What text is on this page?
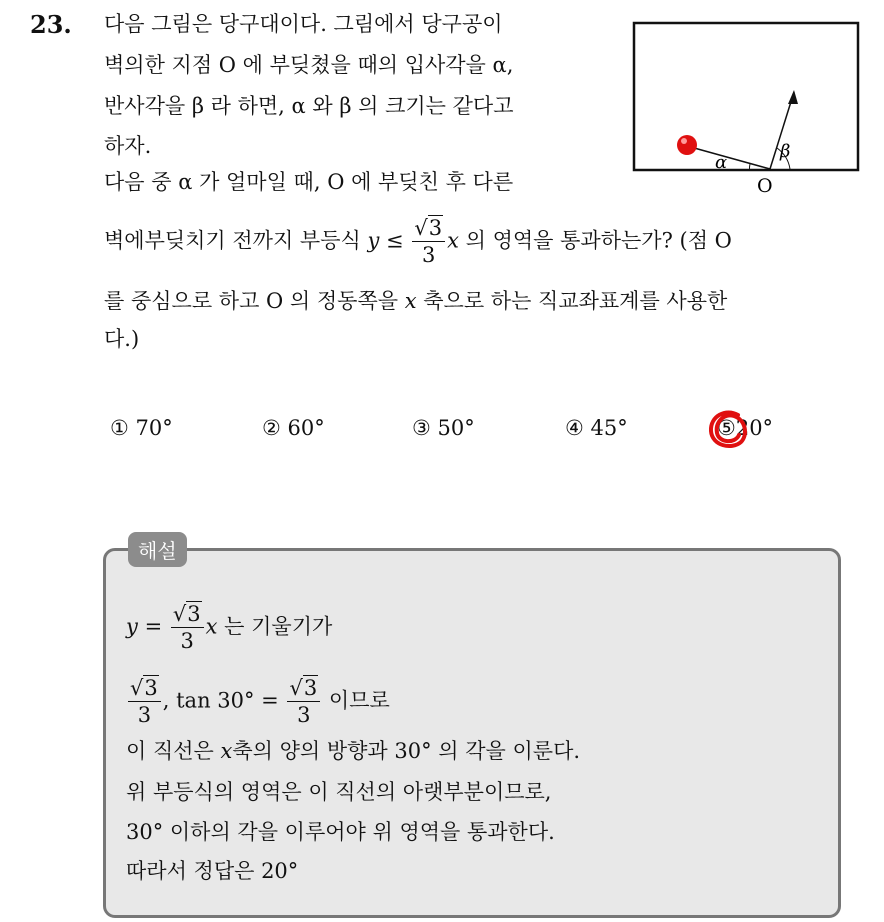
23. 다음 그림은 당구대이다. 그림에서 당구공이
벽의한 지점 O 에 부딪쳤을 때의 입사각을 α,
반사각을 β 라 하면, α 와 β 의 크기는 같다고
하자.
다음 중 α 가 얼마일 때, O 에 부딪친 후 다른
벽에부딪치기 전까지 부등식 $y \le \frac{√3}{3}$ x 의 영역을 통과하는가? (점 O
를 중심으로 하고 O 의 정동쪽을 x 축으로 하는 직교좌표계를 사용한
다.)
α
β
O
① 70°	② 60°	③ 50°	④ 45°	⑤20°
해설
$y = \frac{√3}{3}$ x 는 기울기가
$\frac{√3}{3}$ , $\tan 30^\circ = \frac{√3}{3}$ 이므로
이 직선은 x축의 양의 방향과 30° 의 각을 이룬다.
위 부등식의 영역은 이 직선의 아랫부분이므로,
30° 이하의 각을 이루어야 위 영역을 통과한다.
따라서 정답은 20°
